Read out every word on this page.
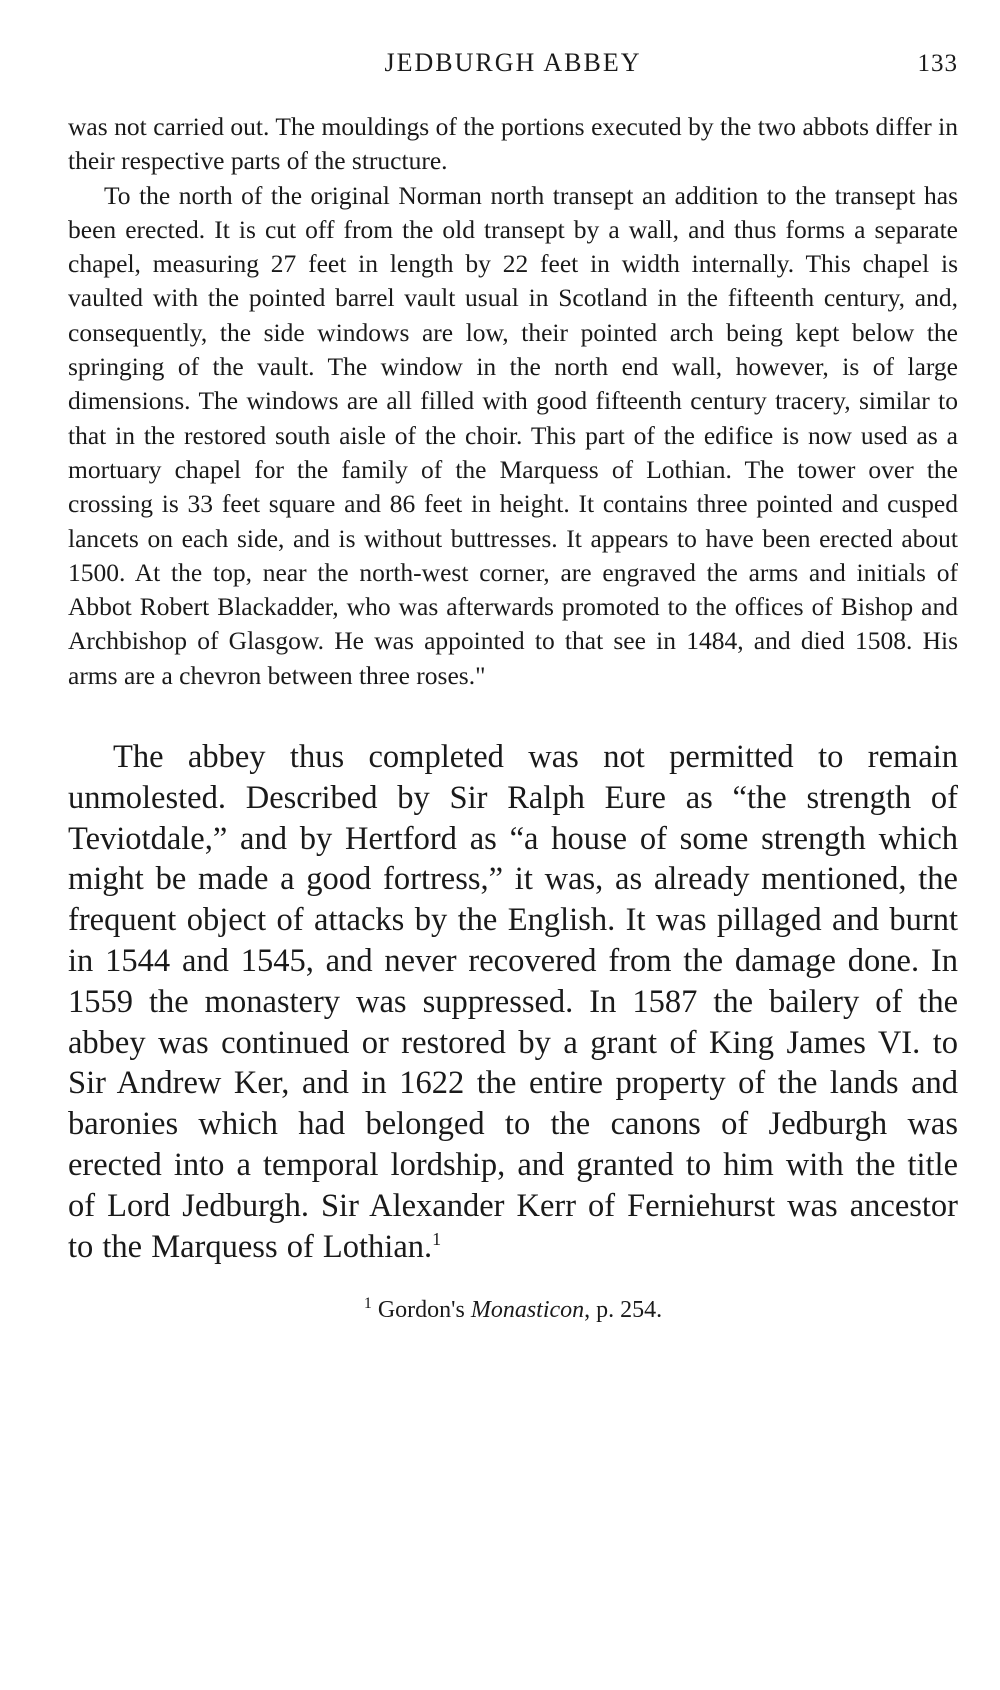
JEDBURGH ABBEY	133

was not carried out. The mouldings of the portions executed by the two abbots differ in their respective parts of the structure.

To the north of the original Norman north transept an addition to the transept has been erected. It is cut off from the old transept by a wall, and thus forms a separate chapel, measuring 27 feet in length by 22 feet in width internally. This chapel is vaulted with the pointed barrel vault usual in Scotland in the fifteenth century, and, consequently, the side windows are low, their pointed arch being kept below the springing of the vault. The window in the north end wall, however, is of large dimensions. The windows are all filled with good fifteenth century tracery, similar to that in the restored south aisle of the choir. This part of the edifice is now used as a mortuary chapel for the family of the Marquess of Lothian. The tower over the crossing is 33 feet square and 86 feet in height. It contains three pointed and cusped lancets on each side, and is without buttresses. It appears to have been erected about 1500. At the top, near the north-west corner, are engraved the arms and initials of Abbot Robert Blackadder, who was afterwards promoted to the offices of Bishop and Archbishop of Glasgow. He was appointed to that see in 1484, and died 1508. His arms are a chevron between three roses."

The abbey thus completed was not permitted to remain unmolested. Described by Sir Ralph Eure as “the strength of Teviotdale,” and by Hertford as “a house of some strength which might be made a good fortress,” it was, as already mentioned, the frequent object of attacks by the English. It was pillaged and burnt in 1544 and 1545, and never recovered from the damage done. In 1559 the monastery was suppressed. In 1587 the bailery of the abbey was continued or restored by a grant of King James VI. to Sir Andrew Ker, and in 1622 the entire property of the lands and baronies which had belonged to the canons of Jedburgh was erected into a temporal lordship, and granted to him with the title of Lord Jedburgh. Sir Alexander Kerr of Ferniehurst was ancestor to the Marquess of Lothian.$^1$

$^1$ Gordon's Monasticon, p. 254.
